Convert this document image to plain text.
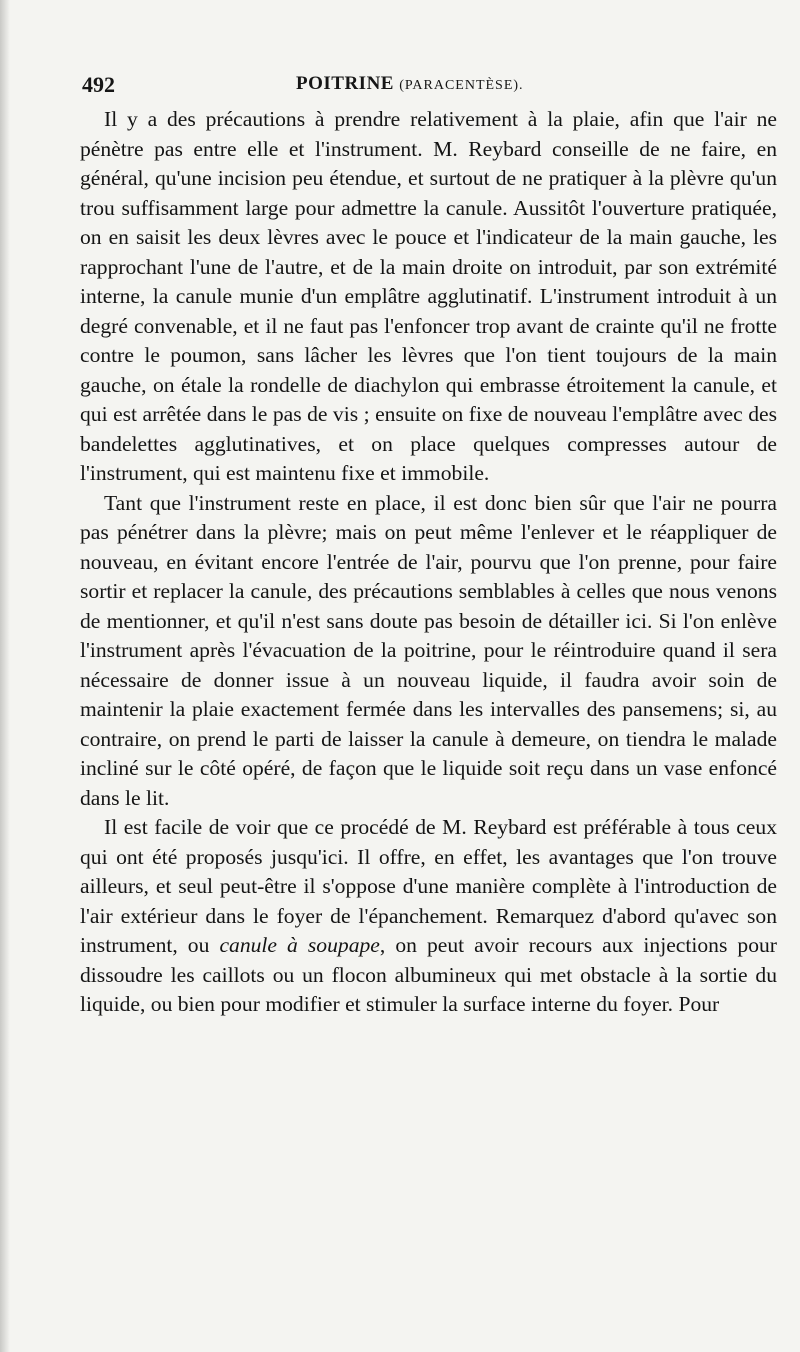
492	POITRINE (PARACENTÈSE).

Il y a des précautions à prendre relativement à la plaie, afin que l'air ne pénètre pas entre elle et l'instrument. M. Reybard conseille de ne faire, en général, qu'une incision peu étendue, et surtout de ne pratiquer à la plèvre qu'un trou suffisamment large pour admettre la canule. Aussitôt l'ouverture pratiquée, on en saisit les deux lèvres avec le pouce et l'indicateur de la main gauche, les rapprochant l'une de l'autre, et de la main droite on introduit, par son extrémité interne, la canule munie d'un emplâtre agglutinatif. L'instrument introduit à un degré convenable, et il ne faut pas l'enfoncer trop avant de crainte qu'il ne frotte contre le poumon, sans lâcher les lèvres que l'on tient toujours de la main gauche, on étale la rondelle de diachylon qui embrasse étroitement la canule, et qui est arrêtée dans le pas de vis ; ensuite on fixe de nouveau l'emplâtre avec des bandelettes agglutinatives, et on place quelques compresses autour de l'instrument, qui est maintenu fixe et immobile.

Tant que l'instrument reste en place, il est donc bien sûr que l'air ne pourra pas pénétrer dans la plèvre; mais on peut même l'enlever et le réappliquer de nouveau, en évitant encore l'entrée de l'air, pourvu que l'on prenne, pour faire sortir et replacer la canule, des précautions semblables à celles que nous venons de mentionner, et qu'il n'est sans doute pas besoin de détailler ici. Si l'on enlève l'instrument après l'évacuation de la poitrine, pour le réintroduire quand il sera nécessaire de donner issue à un nouveau liquide, il faudra avoir soin de maintenir la plaie exactement fermée dans les intervalles des pansemens; si, au contraire, on prend le parti de laisser la canule à demeure, on tiendra le malade incliné sur le côté opéré, de façon que le liquide soit reçu dans un vase enfoncé dans le lit.

Il est facile de voir que ce procédé de M. Reybard est préférable à tous ceux qui ont été proposés jusqu'ici. Il offre, en effet, les avantages que l'on trouve ailleurs, et seul peut-être il s'oppose d'une manière complète à l'introduction de l'air extérieur dans le foyer de l'épanchement. Remarquez d'abord qu'avec son instrument, ou canule à soupape, on peut avoir recours aux injections pour dissoudre les caillots ou un flocon albumineux qui met obstacle à la sortie du liquide, ou bien pour modifier et stimuler la surface interne du foyer. Pour
